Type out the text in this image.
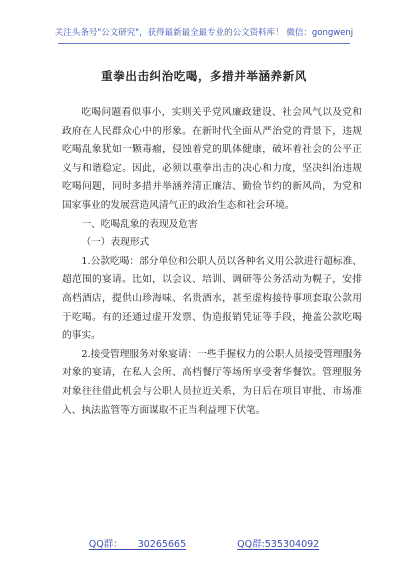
关注头条号"公文研究"，获得最新最全最专业的公文资料库！ 微信：gongwenj
重拳出击纠治吃喝，多措并举涵养新风

吃喝问题看似事小，实则关乎党风廉政建设、社会风气以及党和政府在人民群众心中的形象。在新时代全面从严治党的背景下，违规吃喝乱象犹如一颗毒瘤，侵蚀着党的肌体健康，破坏着社会的公平正义与和谐稳定。因此，必须以重拳出击的决心和力度，坚决纠治违规吃喝问题，同时多措并举涵养清正廉洁、勤俭节约的新风尚，为党和国家事业的发展营造风清气正的政治生态和社会环境。

一、吃喝乱象的表现及危害

（一）表现形式

1.公款吃喝：部分单位和公职人员以各种名义用公款进行超标准、超范围的宴请。比如，以会议、培训、调研等公务活动为幌子，安排高档酒店，提供山珍海味、名贵酒水，甚至虚构接待事项套取公款用于吃喝。有的还通过虚开发票、伪造报销凭证等手段，掩盖公款吃喝的事实。

2.接受管理服务对象宴请：一些手握权力的公职人员接受管理服务对象的宴请，在私人会所、高档餐厅等场所享受奢华餐饮。管理服务对象往往借此机会与公职人员拉近关系，为日后在项目审批、市场准入、执法监管等方面谋取不正当利益埋下伏笔。

QQ群： 30265665	QQ群:535304092
